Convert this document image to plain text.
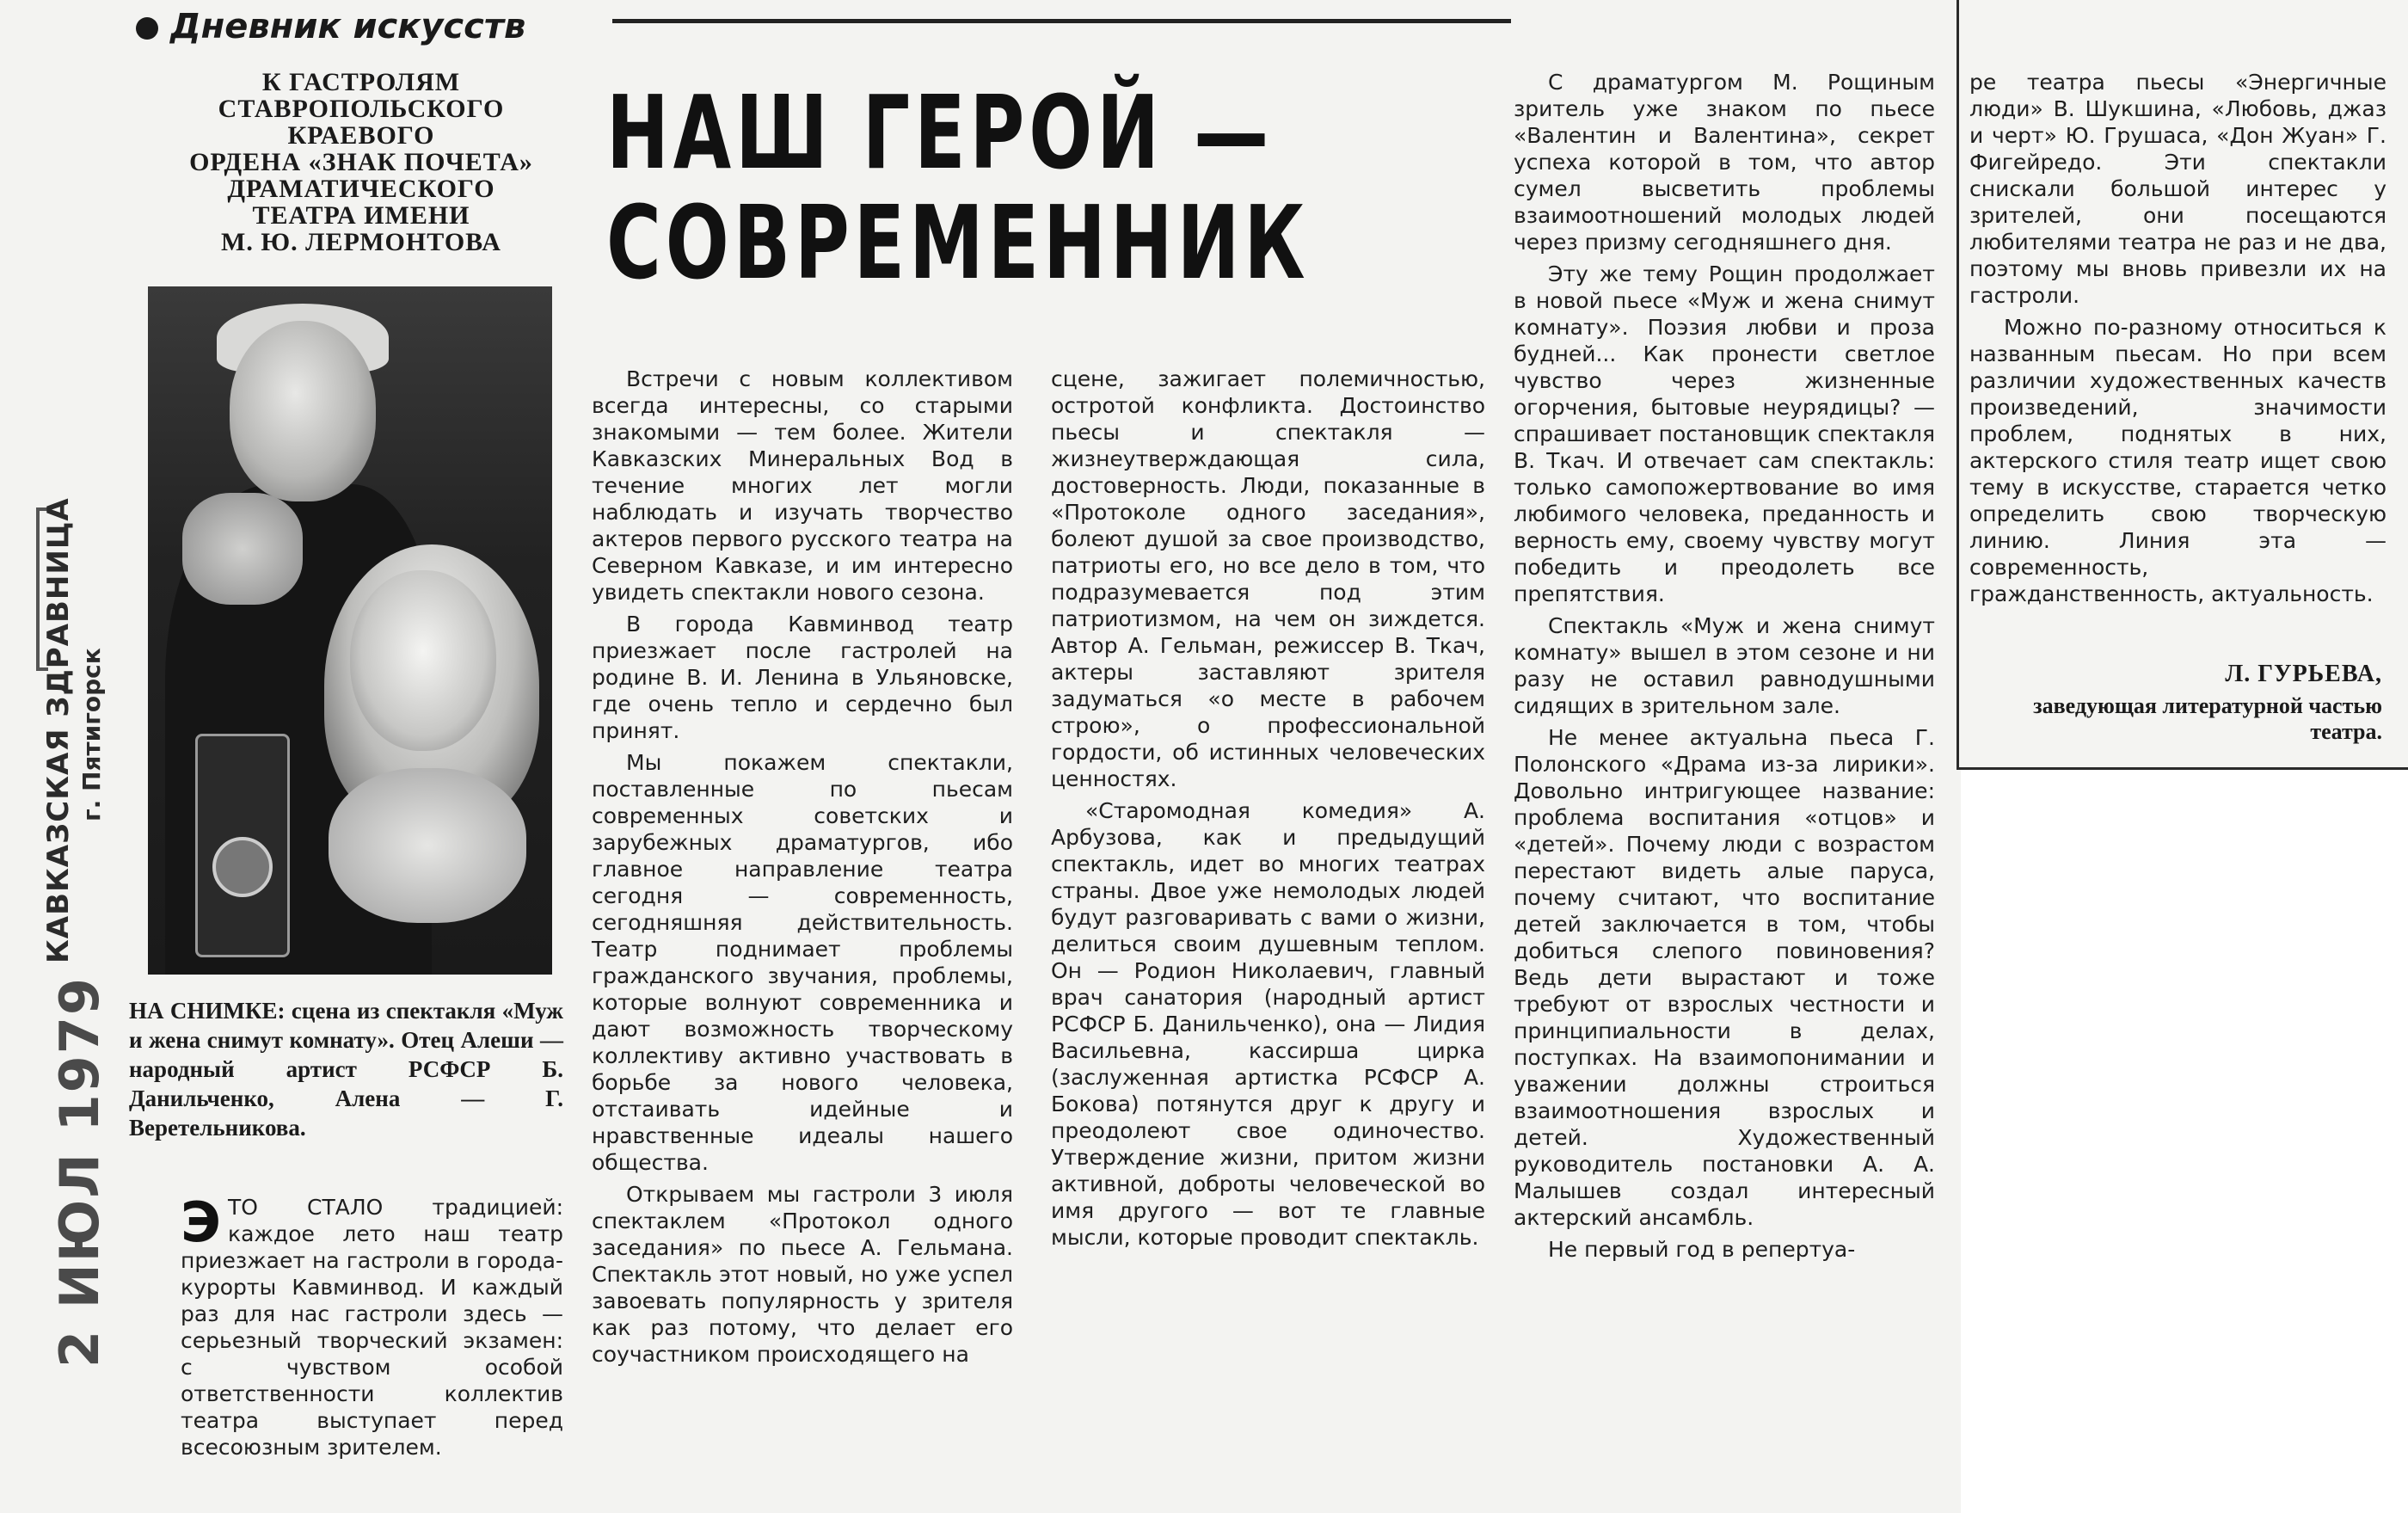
Дневник искусств
К ГАСТРОЛЯМ
СТАВРОПОЛЬСКОГО
КРАЕВОГО
ОРДЕНА «ЗНАК ПОЧЕТА»
ДРАМАТИЧЕСКОГО
ТЕАТРА ИМЕНИ
М. Ю. ЛЕРМОНТОВА
НАШ ГЕРОЙ —
СОВРЕМЕННИК
КАВКАЗСКАЯ ЗДРАВНИЦА г. Пятигорск
2 ИЮЛ 1979 НА СНИМКЕ: сцена из спектакля «Муж и жена снимут комнату». Отец Алеши — народный артист РСФСР Б. Данильченко, Алена — Г. Веретельникова.

ЭТО СТАЛО традицией: каждое лето наш театр приезжает на гастроли в города-курорты Кавминвод. И каждый раз для нас гастроли здесь — серьезный творческий экзамен: с чувством особой ответственности коллектив театра выступает перед всесоюзным зрителем.

Встречи с новым коллективом всегда интересны, со старыми знакомыми — тем более. Жители Кавказских Минеральных Вод в течение многих лет могли наблюдать и изучать творчество актеров первого русского театра на Северном Кавказе, и им интересно увидеть спектакли нового сезона.

В города Кавминвод театр приезжает после гастролей на родине В. И. Ленина в Ульяновске, где очень тепло и сердечно был принят.

Мы покажем спектакли, поставленные по пьесам современных советских и зарубежных драматургов, ибо главное направление театра сегодня — современность, сегодняшняя действительность. Театр поднимает проблемы гражданского звучания, проблемы, которые волнуют современника и дают возможность творческому коллективу активно участвовать в борьбе за нового человека, отстаивать идейные и нравственные идеалы нашего общества.

Открываем мы гастроли 3 июля спектаклем «Протокол одного заседания» по пьесе А. Гельмана. Спектакль этот новый, но уже успел завоевать популярность у зрителя как раз потому, что делает его соучастником происходящего на

сцене, зажигает полемичностью, остротой конфликта. Достоинство пьесы и спектакля — жизнеутверждающая сила, достоверность. Люди, показанные в «Протоколе одного заседания», болеют душой за свое производство, патриоты его, но все дело в том, что подразумевается под этим патриотизмом, на чем он зиждется. Автор А. Гельман, режиссер В. Ткач, актеры заставляют зрителя задуматься «о месте в рабочем строю», о профессиональной гордости, об истинных человеческих ценностях.

«Старомодная комедия» А. Арбузова, как и предыдущий спектакль, идет во многих театрах страны. Двое уже немолодых людей будут разговаривать с вами о жизни, делиться своим душевным теплом. Он — Родион Николаевич, главный врач санатория (народный артист РСФСР Б. Данильченко), она — Лидия Васильевна, кассирша цирка (заслуженная артистка РСФСР А. Бокова) потянутся друг к другу и преодолеют свое одиночество. Утверждение жизни, притом жизни активной, доброты человеческой во имя другого — вот те главные мысли, которые проводит спектакль.

С драматургом М. Рощиным зритель уже знаком по пьесе «Валентин и Валентина», секрет успеха которой в том, что автор сумел высветить проблемы взаимоотношений молодых людей через призму сегодняшнего дня.

Эту же тему Рощин продолжает в новой пьесе «Муж и жена снимут комнату». Поэзия любви и проза будней... Как пронести светлое чувство через жизненные огорчения, бытовые неурядицы? — спрашивает постановщик спектакля В. Ткач. И отвечает сам спектакль: только самопожертвование во имя любимого человека, преданность и верность ему, своему чувству могут победить и преодолеть все препятствия.

Спектакль «Муж и жена снимут комнату» вышел в этом сезоне и ни разу не оставил равнодушными сидящих в зрительном зале.

Не менее актуальна пьеса Г. Полонского «Драма из-за лирики». Довольно интригующее название: проблема воспитания «отцов» и «детей». Почему люди с возрастом перестают видеть алые паруса, почему считают, что воспитание детей заключается в том, чтобы добиться слепого повиновения? Ведь дети вырастают и тоже требуют от взрослых честности и принципиальности в делах, поступках. На взаимопонимании и уважении должны строиться взаимоотношения взрослых и детей. Художественный руководитель постановки А. А. Малышев создал интересный актерский ансамбль.

Не первый год в репертуа-

ре театра пьесы «Энергичные люди» В. Шукшина, «Любовь, джаз и черт» Ю. Грушаса, «Дон Жуан» Г. Фигейредо. Эти спектакли снискали большой интерес у зрителей, они посещаются любителями театра не раз и не два, поэтому мы вновь привезли их на гастроли.

Можно по-разному относиться к названным пьесам. Но при всем различии художественных качеств произведений, значимости проблем, поднятых в них, актерского стиля театр ищет свою тему в искусстве, старается четко определить свою творческую линию. Линия эта — современность, гражданственность, актуальность.

Л. ГУРЬЕВА,
заведующая литературной частью театра.
